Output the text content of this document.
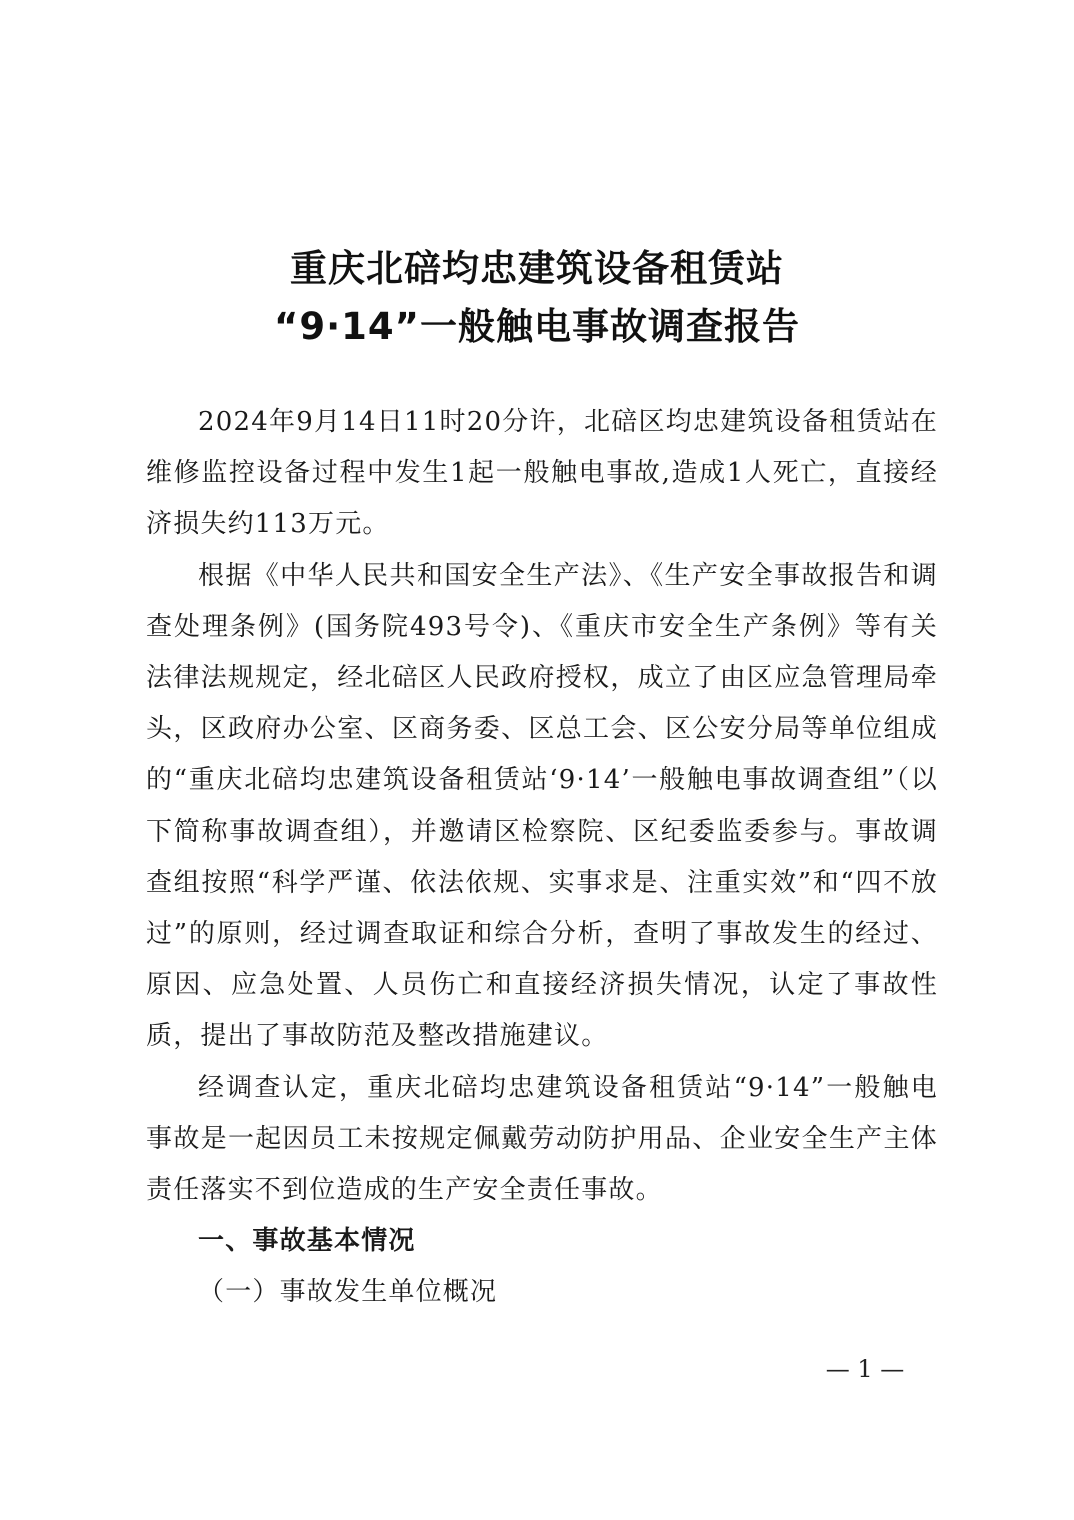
重庆北碚均忠建筑设备租赁站
“9·14”一般触电事故调查报告

2024年9月14日11时20分许，北碚区均忠建筑设备租赁站在维修监控设备过程中发生1起一般触电事故,造成1人死亡，直接经济损失约113万元。

根据《中华人民共和国安全生产法》、《生产安全事故报告和调查处理条例》(国务院493号令)、《重庆市安全生产条例》等有关法律法规规定，经北碚区人民政府授权，成立了由区应急管理局牵头，区政府办公室、区商务委、区总工会、区公安分局等单位组成的“重庆北碚均忠建筑设备租赁站‘9·14’一般触电事故调查组”（以下简称事故调查组），并邀请区检察院、区纪委监委参与。事故调查组按照“科学严谨、依法依规、实事求是、注重实效”和“四不放过”的原则，经过调查取证和综合分析，查明了事故发生的经过、原因、应急处置、人员伤亡和直接经济损失情况，认定了事故性质，提出了事故防范及整改措施建议。

经调查认定，重庆北碚均忠建筑设备租赁站“9·14”一般触电事故是一起因员工未按规定佩戴劳动防护用品、企业安全生产主体责任落实不到位造成的生产安全责任事故。

一、事故基本情况

（一）事故发生单位概况

— 1 —
